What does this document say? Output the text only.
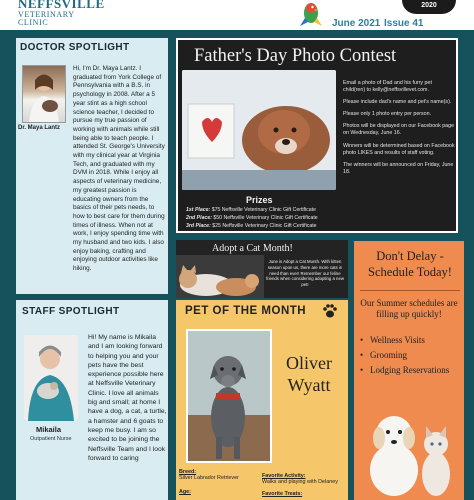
NEFFSVILLE
VETERINARY CLINIC	June 2021 Issue 41
2020
DOCTOR SPOTLIGHT
Dr. Maya Lantz
Hi, I'm Dr. Maya Lantz. I graduated from York College of Pennsylvania with a B.S. in psychology in 2008. After a 5 year stint as a high school science teacher, I decided to pursue my true passion of working with animals while still being able to teach people. I attended St. George's University with my clinical year at Virginia Tech, and graduated with my DVM in 2018. While I enjoy all aspects of veterinary medicine, my greatest passion is educating owners from the basics of their pets needs, to how to best care for them during times of illness. When not at work, I enjoy spending time with my husband and two kids. I also enjoy baking, crafting and enjoying outdoor activities like hiking.
STAFF SPOTLIGHT
Mikaila
Outpatient Nurse
Hi! My name is Mikaila and I am looking forward to helping you and your pets have the best experience possible here at Neffsville Veterinary Clinic. I love all animals big and small; at home I have a dog, a cat, a turtle, a hamster and 6 goats to keep me busy. I am so excited to be joining the Neffsville Team and I look forward to caring
Father's Day Photo Contest

Email a photo of Dad and his furry pet child(ren) to kelly@neffsvillevet.com.

Please include dad's name and pet's name(s).

Please only 1 photo entry per person.

Photos will be displayed on our Facebook page on Wednesday, June 16.

Winners will be determined based on Facebook photo LIKES and results of staff voting.

The winners will be announced on Friday, June 18.

Prizes
1st Place: $75 Neffsville Veterinary Clinic Gift Certificate
2nd Place: $50 Neffsville Veterinary Clinic Gift Certificate
3rd Place: $25 Neffsville Veterinary Clinic Gift Certificate
Adopt a Cat Month!
June is Adopt a Cat Month. With kitten season upon us, there are more cats in need than ever! Remember our feline friends when considering adopting a new pet!
PET OF THE MONTH
Oliver
Wyatt
Breed:
Silver Labrador Retriever
Age:
Favorite Activity:
Walks and playing with Delaney
Favorite Treats:
Don't Delay -
Schedule Today!
Our Summer schedules are filling up quickly!
• Wellness Visits
• Grooming
• Lodging Reservations
